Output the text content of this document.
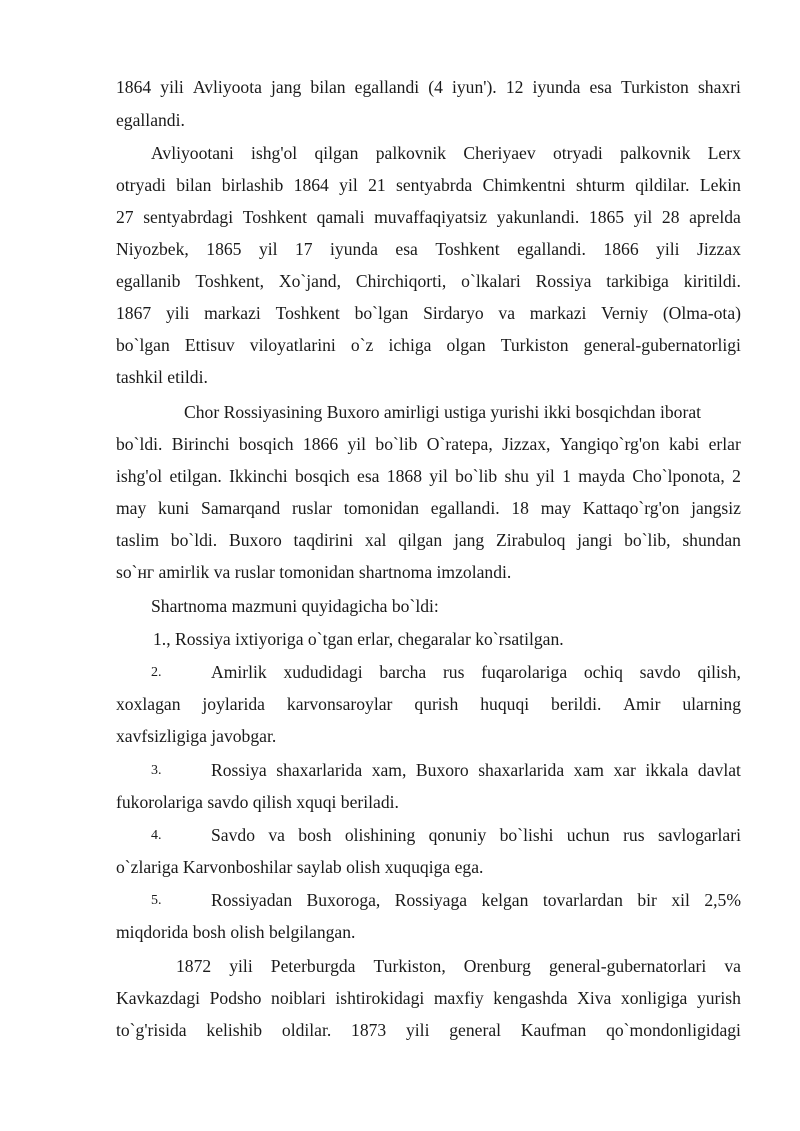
1864 yili Avliyoota jang bilan egallandi (4 iyun'). 12 iyunda esa Turkiston shaxri
egallandi.
Avliyootani ishg'ol qilgan palkovnik Cheriyaev otryadi palkovnik Lerx
otryadi bilan birlashib 1864 yil 21 sentyabrda Chimkentni shturm qildilar. Lekin
27 sentyabrdagi Toshkent qamali muvaffaqiyatsiz yakunlandi. 1865 yil 28 aprelda
Niyozbek, 1865 yil 17 iyunda esa Toshkent egallandi. 1866 yili Jizzax
egallanib Toshkent, Xo`jand, Chirchiqorti, o`lkalari Rossiya tarkibiga kiritildi.
1867 yili markazi Toshkent bo`lgan Sirdaryo va markazi Verniy (Olma-ota)
bo`lgan Ettisuv viloyatlarini o`z ichiga olgan Turkiston general-gubernatorligi
tashkil etildi.
Chor Rossiyasining Buxoro amirligi ustiga yurishi ikki bosqichdan iborat
bo`ldi. Birinchi bosqich 1866 yil bo`lib O`ratepa, Jizzax, Yangiqo`rg'on kabi erlar
ishg'ol etilgan. Ikkinchi bosqich esa 1868 yil bo`lib shu yil 1 mayda Cho`lponota, 2
may kuni Samarqand ruslar tomonidan egallandi. 18 may Kattaqo`rg'on jangsiz
taslim bo`ldi. Buxoro taqdirini xal qilgan jang Zirabuloq jangi bo`lib, shundan
so`нг amirlik va ruslar tomonidan shartnoma imzolandi.
Shartnoma mazmuni quyidagicha bo`ldi:
1., Rossiya ixtiyoriga o`tgan erlar, chegaralar ko`rsatilgan.
2.	Amirlik xududidagi barcha rus fuqarolariga ochiq savdo qilish,
xoxlagan joylarida karvonsaroylar qurish huquqi berildi. Amir ularning
xavfsizligiga javobgar.
3.	Rossiya shaxarlarida xam, Buxoro shaxarlarida xam xar ikkala davlat
fukorolariga savdo qilish xquqi beriladi.
4.	Savdo va bosh olishining qonuniy bo`lishi uchun rus savlogarlari
o`zlariga Karvonboshilar saylab olish xuquqiga ega.
5.	Rossiyadan Buxoroga, Rossiyaga kelgan tovarlardan bir xil 2,5%
miqdorida bosh olish belgilangan.
1872 yili Peterburgda Turkiston, Orenburg general-gubernatorlari va
Kavkazdagi Podsho noiblari ishtirokidagi maxfiy kengashda Xiva xonligiga yurish
to`g'risida kelishib oldilar. 1873 yili general Kaufman qo`mondonligidagi
